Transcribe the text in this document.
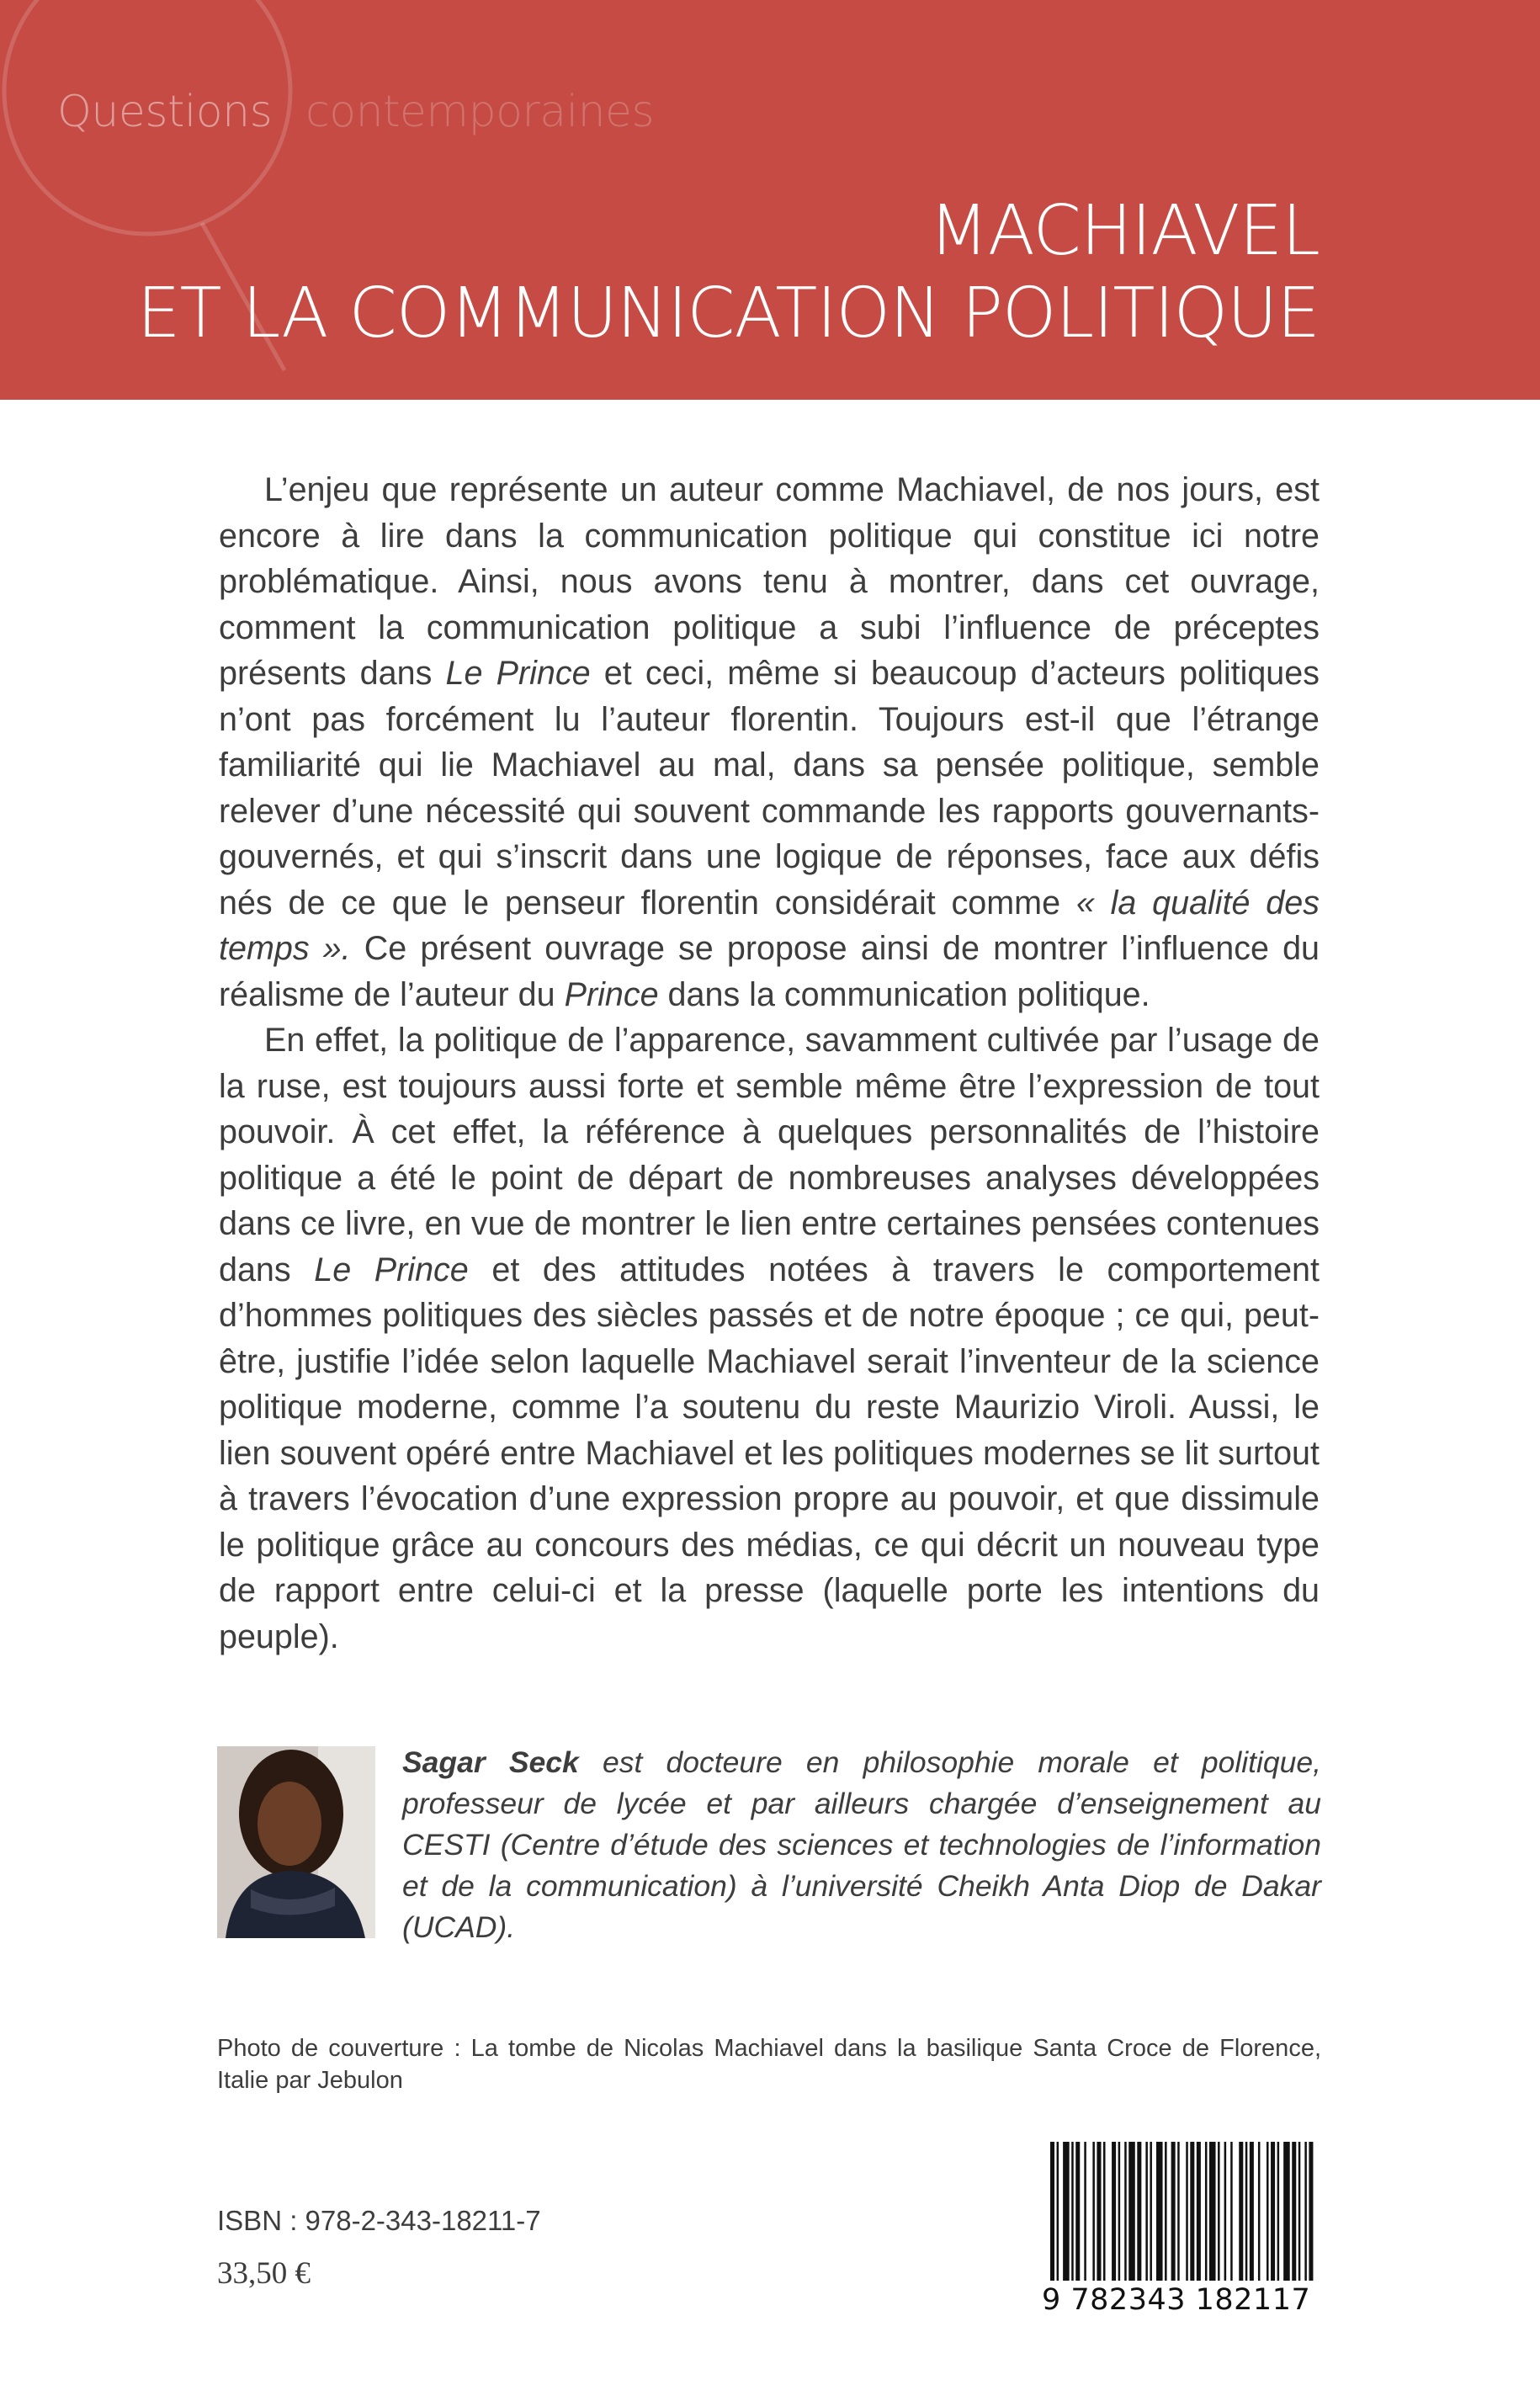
Questions contemporaines
MACHIAVEL
ET LA COMMUNICATION POLITIQUE

L’enjeu que représente un auteur comme Machiavel, de nos jours, est encore à lire dans la communication politique qui constitue ici notre problématique. Ainsi, nous avons tenu à montrer, dans cet ouvrage, comment la communication politique a subi l’influence de préceptes présents dans Le Prince et ceci, même si beaucoup d’acteurs politiques n’ont pas forcément lu l’auteur florentin. Toujours est-il que l’étrange familiarité qui lie Machiavel au mal, dans sa pensée politique, semble relever d’une nécessité qui souvent commande les rapports gouvernants-gouvernés, et qui s’inscrit dans une logique de réponses, face aux défis nés de ce que le penseur florentin considérait comme « la qualité des temps ». Ce présent ouvrage se propose ainsi de montrer l’influence du réalisme de l’auteur du Prince dans la communication politique.

En effet, la politique de l’apparence, savamment cultivée par l’usage de la ruse, est toujours aussi forte et semble même être l’expression de tout pouvoir. À cet effet, la référence à quelques personnalités de l’histoire politique a été le point de départ de nombreuses analyses développées dans ce livre, en vue de montrer le lien entre certaines pensées contenues dans Le Prince et des attitudes notées à travers le comportement d’hommes politiques des siècles passés et de notre époque ; ce qui, peut-être, justifie l’idée selon laquelle Machiavel serait l’inventeur de la science politique moderne, comme l’a soutenu du reste Maurizio Viroli. Aussi, le lien souvent opéré entre Machiavel et les politiques modernes se lit surtout à travers l’évocation d’une expression propre au pouvoir, et que dissimule le politique grâce au concours des médias, ce qui décrit un nouveau type de rapport entre celui-ci et la presse (laquelle porte les intentions du peuple).

Sagar Seck est docteure en philosophie morale et politique, professeur de lycée et par ailleurs chargée d’enseignement au CESTI (Centre d’étude des sciences et technologies de l’information et de la communication) à l’université Cheikh Anta Diop de Dakar (UCAD).
Photo de couverture : La tombe de Nicolas Machiavel dans la basilique Santa Croce de Florence, Italie par Jebulon
ISBN : 978-2-343-18211-7
33,50 €
9 782343 182117
